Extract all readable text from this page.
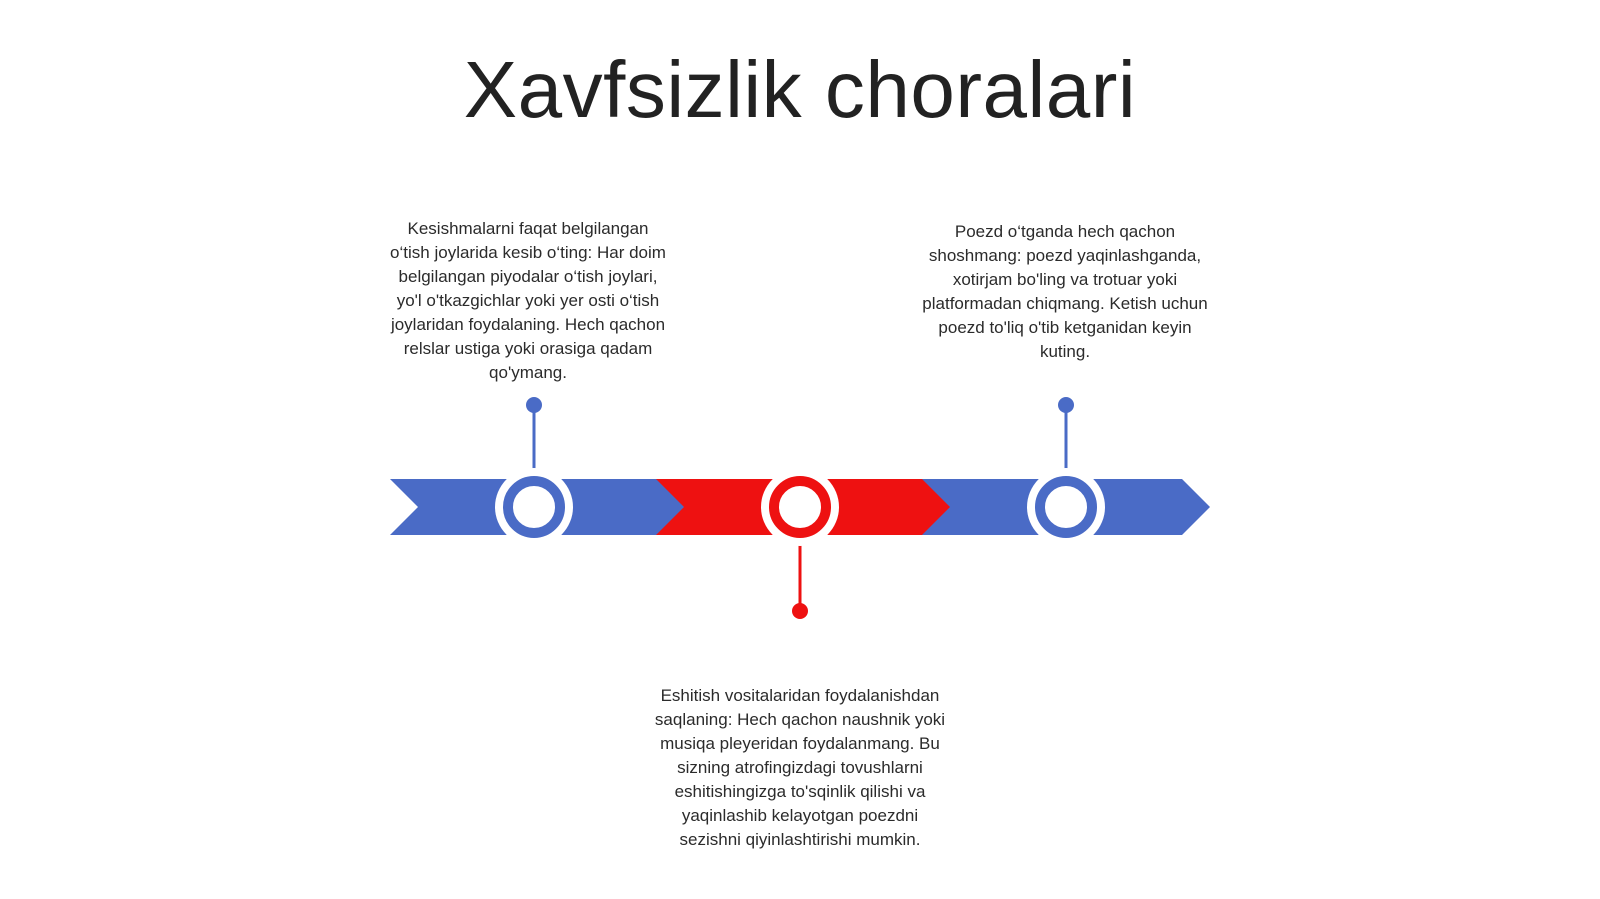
Xavfsizlik choralari

Kesishmalarni faqat belgilangan o‘tish joylarida kesib o‘ting: Har doim belgilangan piyodalar o‘tish joylari, yo'l o'tkazgichlar yoki yer osti o‘tish joylaridan foydalaning. Hech qachon relslar ustiga yoki orasiga qadam qo'ymang.

Poezd o‘tganda hech qachon shoshmang: poezd yaqinlashganda, xotirjam bo'ling va trotuar yoki platformadan chiqmang. Ketish uchun poezd to'liq o'tib ketganidan keyin kuting.

Eshitish vositalaridan foydalanishdan saqlaning: Hech qachon naushnik yoki musiqa pleyeridan foydalanmang. Bu sizning atrofingizdagi tovushlarni eshitishingizga to'sqinlik qilishi va yaqinlashib kelayotgan poezdni sezishni qiyinlashtirishi mumkin.
